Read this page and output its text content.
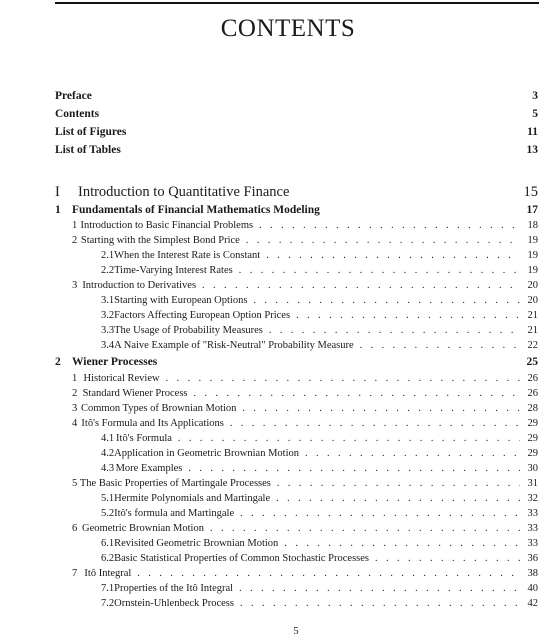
CONTENTS
Preface	3
Contents	5
List of Figures	11
List of Tables	13
I	Introduction to Quantitative Finance	15
1 Fundamentals of Financial Mathematics Modeling	17
1 Introduction to Basic Financial Problems . . .	18
2 Starting with the Simplest Bond Price . . .	19
2.1 When the Interest Rate is Constant . . .	19
2.2 Time-Varying Interest Rates . . .	19
3 Introduction to Derivatives . . .	20
3.1 Starting with European Options . . .	20
3.2 Factors Affecting European Option Prices . . .	21
3.3 The Usage of Probability Measures . . .	21
3.4 A Naive Example of "Risk-Neutral" Probability Measure . . .	22
2 Wiener Processes	25
1 Historical Review . . .	26
2 Standard Wiener Process . . .	26
3 Common Types of Brownian Motion . . .	28
4 Itô's Formula and Its Applications . . .	29
4.1 Itô's Formula . . .	29
4.2 Application in Geometric Brownian Motion . . .	29
4.3 More Examples . . .	30
5 The Basic Properties of Martingale Processes . . .	31
5.1 Hermite Polynomials and Martingale . . .	32
5.2 Itô's formula and Martingale . . .	33
6 Geometric Brownian Motion . . .	33
6.1 Revisited Geometric Brownian Motion . . .	33
6.2 Basic Statistical Properties of Common Stochastic Processes . . .	36
7 Itô Integral . . .	38
7.1 Properties of the Itô Integral . . .	40
7.2 Ornstein-Uhlenbeck Process . . .	42
5
